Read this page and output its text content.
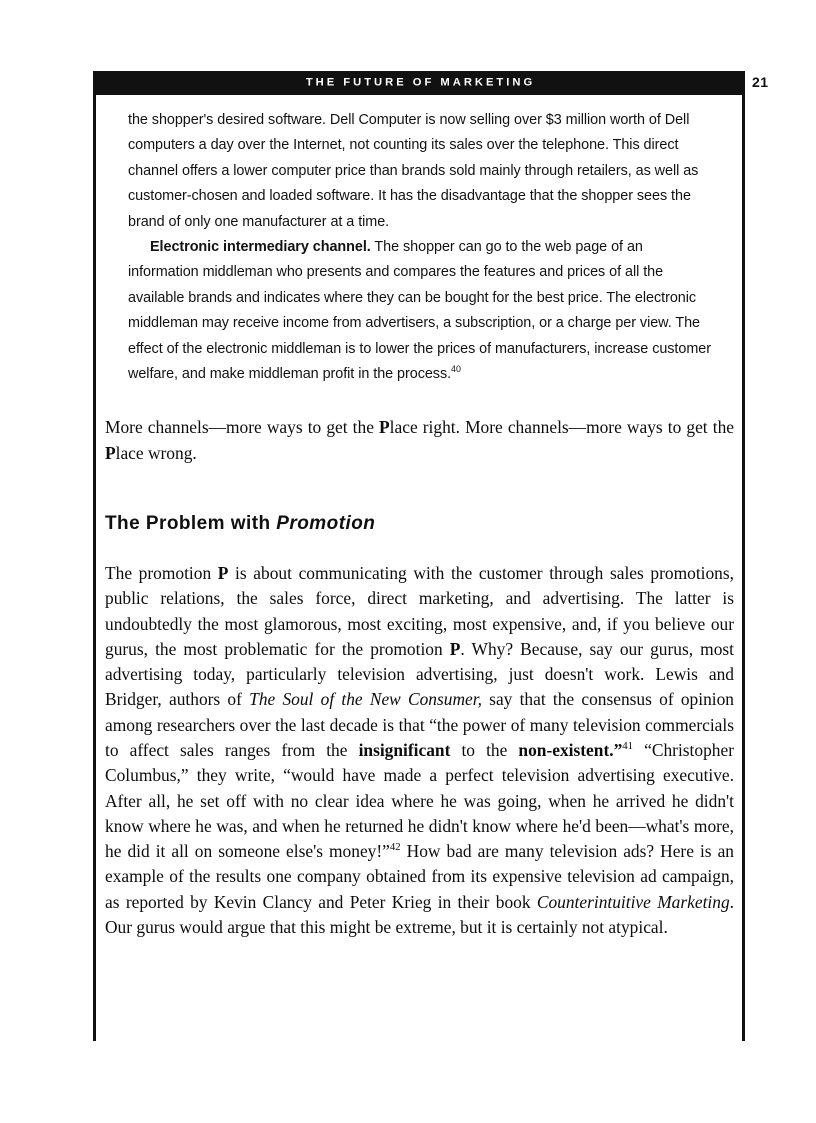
THE FUTURE OF MARKETING	21

the shopper's desired software. Dell Computer is now selling over $3 million worth of Dell computers a day over the Internet, not counting its sales over the telephone. This direct channel offers a lower computer price than brands sold mainly through retailers, as well as customer-chosen and loaded software. It has the disadvantage that the shopper sees the brand of only one manufacturer at a time.

Electronic intermediary channel. The shopper can go to the web page of an information middleman who presents and compares the features and prices of all the available brands and indicates where they can be bought for the best price. The electronic middleman may receive income from advertisers, a subscription, or a charge per view. The effect of the electronic middleman is to lower the prices of manufacturers, increase customer welfare, and make middleman profit in the process.$^{40}$

More channels—more ways to get the Place right. More channels—more ways to get the Place wrong.

The Problem with Promotion

The promotion P is about communicating with the customer through sales promotions, public relations, the sales force, direct marketing, and advertising. The latter is undoubtedly the most glamorous, most exciting, most expensive, and, if you believe our gurus, the most problematic for the promotion P. Why? Because, say our gurus, most advertising today, particularly television advertising, just doesn't work. Lewis and Bridger, authors of The Soul of the New Consumer, say that the consensus of opinion among researchers over the last decade is that “the power of many television commercials to affect sales ranges from the insignificant to the non-existent.”$^{41}$ “Christopher Columbus,” they write, “would have made a perfect television advertising executive. After all, he set off with no clear idea where he was going, when he arrived he didn't know where he was, and when he returned he didn't know where he'd been—what's more, he did it all on someone else's money!”$^{42}$ How bad are many television ads? Here is an example of the results one company obtained from its expensive television ad campaign, as reported by Kevin Clancy and Peter Krieg in their book Counterintuitive Marketing. Our gurus would argue that this might be extreme, but it is certainly not atypical.
